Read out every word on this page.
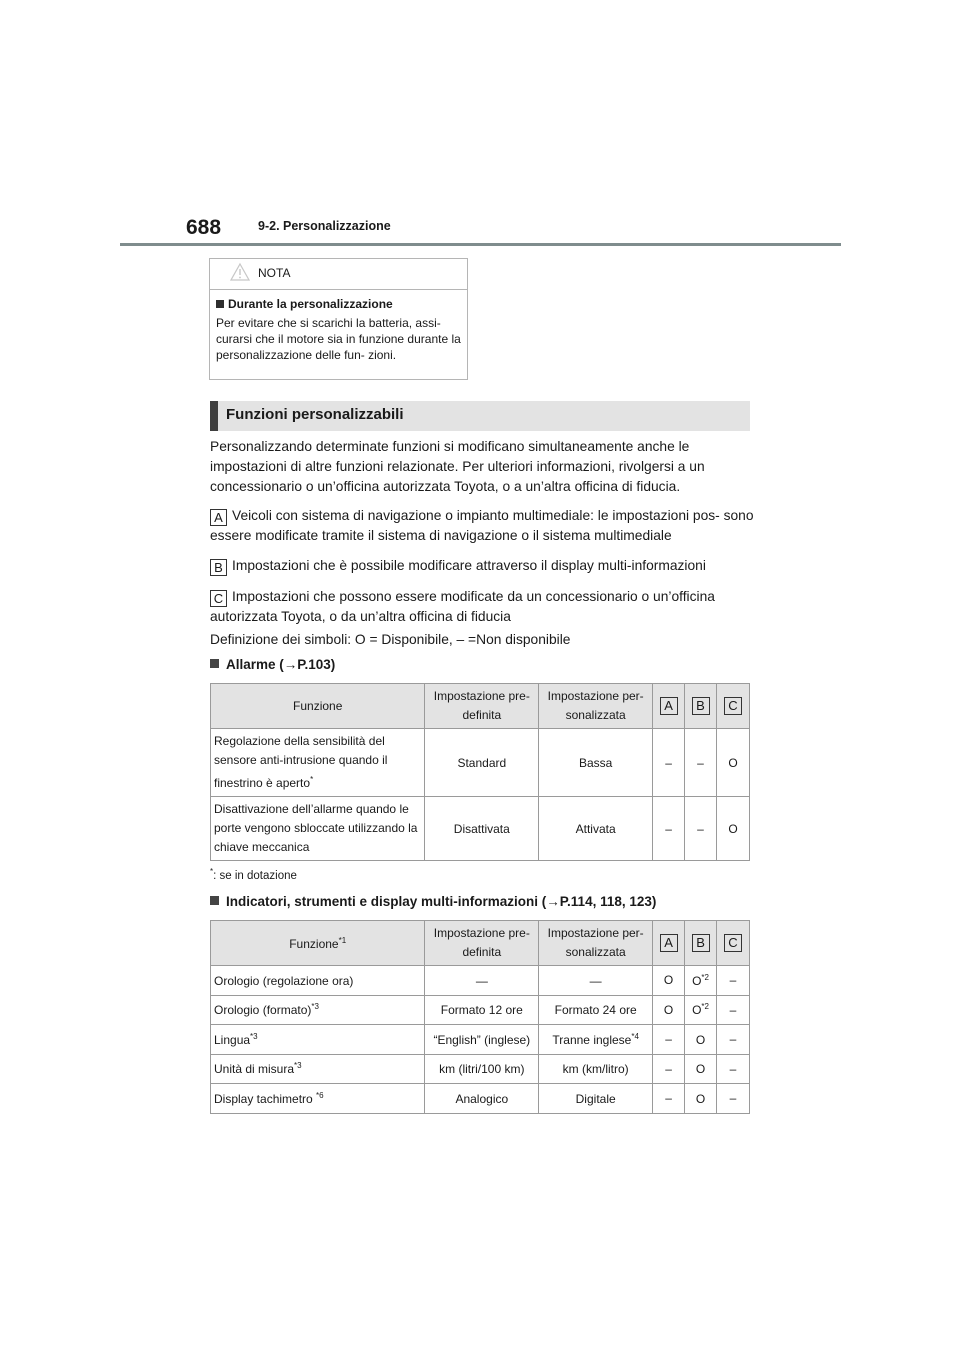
688	9-2. Personalizzazione
NOTA
Durante la personalizzazione
Per evitare che si scarichi la batteria, assi- curarsi che il motore sia in funzione durante la personalizzazione delle fun- zioni.
Funzioni personalizzabili
Personalizzando determinate funzioni si modificano simultaneamente anche le impostazioni di altre funzioni relazionate. Per ulteriori informazioni, rivolgersi a un concessionario o un’officina autorizzata Toyota, o a un’altra officina di fiducia.
A Veicoli con sistema di navigazione o impianto multimediale: le impostazioni pos- sono essere modificate tramite il sistema di navigazione o il sistema multimediale
B Impostazioni che è possibile modificare attraverso il display multi-informazioni
C Impostazioni che possono essere modificate da un concessionario o un’officina autorizzata Toyota, o da un’altra officina di fiducia
Definizione dei simboli: O = Disponibile, – =Non disponibile
Allarme (→P.103)
Funzione	Impostazione pre- definita	Impostazione per- sonalizzata	A	B	C
Regolazione della sensibilità del sensore anti-intrusione quando il finestrino è aperto*	Standard	Bassa	–	–	O
Disattivazione dell’allarme quando le porte vengono sbloccate utilizzando la chiave meccanica	Disattivata	Attivata	–	–	O
*: se in dotazione
Indicatori, strumenti e display multi-informazioni (→P.114, 118, 123)
Funzione$^{*1}$	Impostazione pre- definita	Impostazione per- sonalizzata	A	B	C
Orologio (regolazione ora)	—	—	O	$O^{*2}$	–
Orologio (formato)$^{*3}$	Formato 12 ore	Formato 24 ore	O	$O^{*2}$	–
Lingua$^{*3}$	“English” (inglese)	Tranne inglese$^{*4}$	–	O	–
Unità di misura$^{*3}$	km (litri/100 km)	km (km/litro)	–	O	–
Display tachimetro $^{*6}$	Analogico	Digitale	–	O	–
